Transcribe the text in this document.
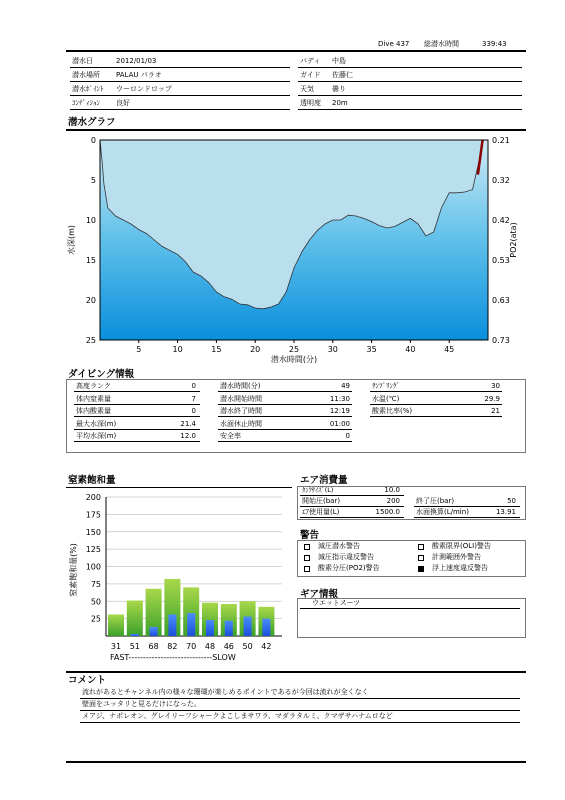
Dive 437 総潜水時間	339:43
潜水日	2012/01/03
潜水場所 PALAU パラオ
潜水ﾎﾟｲﾝﾄ ウーロンドロップ
ｺﾝﾃﾞｨｼｮﾝ 良好
バディ 中島
ガイド 佐藤仁
天気	曇り
透明度 20m
潜水グラフ
0
5
10
15
20
25
0.21
0.32
0.42
0.53
0.63
0.73
5	10	15	20	25	30	35	40	45
水深(m)	PO2(ata)
潜水時間(分)
ダイビング情報
高度ランク	0
体内窒素量	7
体内酸素量	0
最大水深(m)	21.4
平均水深(m)	12.0
潜水時間(分)	49
潜水開始時間	11:30
潜水終了時間	12:19
水面休止時間	01:00
安全率	0
ｻﾝﾌﾟﾘﾝｸﾞ	30
水温(℃)	29.9
酸素比率(%)	21
窒素飽和量
200
175
150
125
100
75
50
25
31 51 68 82 70 48 46 50 42
窒素飽和量(%)
FAST-----------------------------SLOW
エア消費量
ﾀﾝｸｻｲｽﾞ(L)	10.0
開始圧(bar)	200
ｴｱ使用量(L)	1500.0
終了圧(bar)	50
水面換算(L/min)	13.91
警告
減圧潜水警告	酸素限界(OLI)警告
減圧指示違反警告	計測範囲外警告
酸素分圧(PO2)警告	浮上速度違反警告
ギア情報
ウエットスーツ
コメント
流れがあるとチャンネル内の様々な珊瑚が楽しめるポイントであるが今回は流れが全くなく
壁面をユッタリと見るだけになった。
メアジ、ナポレオン、グレイリーフシャークよこしまサワラ、マダラタルミ、クマザサハナムロなど
